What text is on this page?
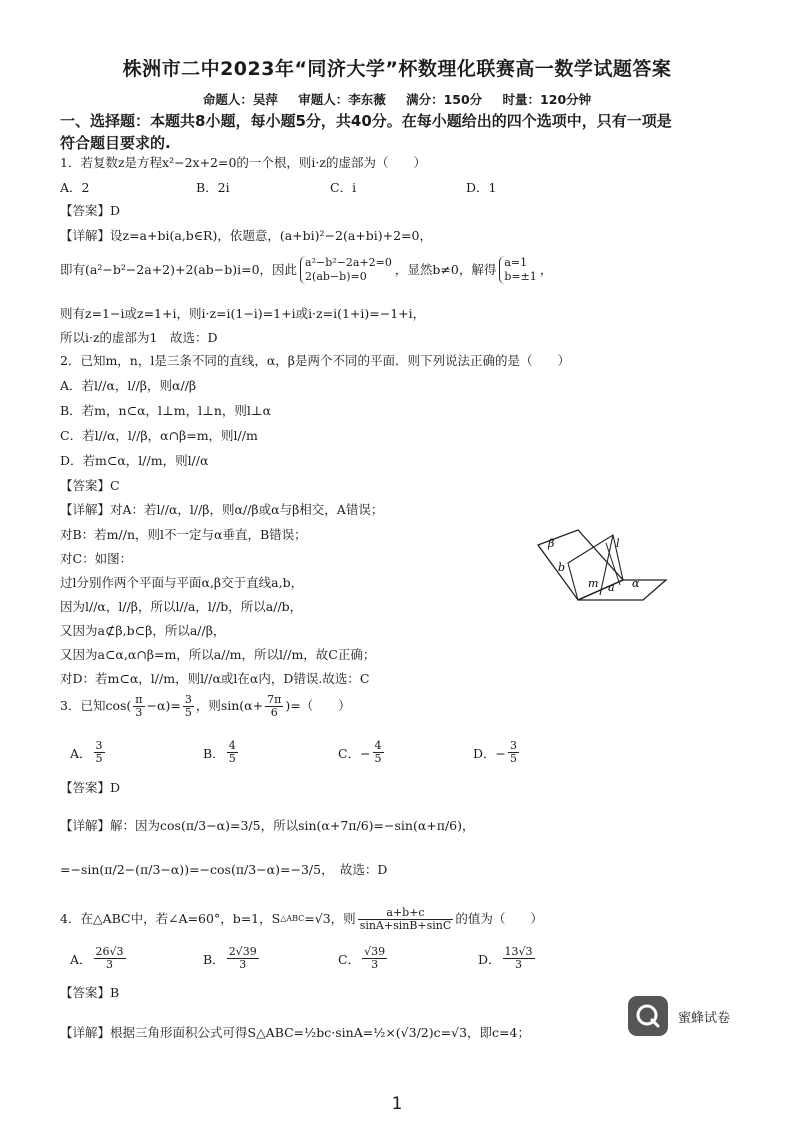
株洲市二中2023年“同济大学”杯数理化联赛高一数学试题答案
命题人：吴萍 审题人：李东薇 满分：150分 时量：120分钟
一、选择题：本题共8小题，每小题5分，共40分。在每小题给出的四个选项中，只有一项是
符合题目要求的.
1．若复数z是方程x²−2x+2=0的一个根，则i·z的虚部为（　　）
A．2	B．2i	C．i	D．1
【答案】D
【详解】设z=a+bi(a,b∈R)，依题意，(a+bi)²−2(a+bi)+2=0，
即有(a²−b²−2a+2)+2(ab−b)i=0，因此 a²−b²−2a+2=0
2(ab−b)=0	，显然b≠0，解得 a=1
b=±1 ，
则有z=1−i或z=1+i，则i·z=i(1−i)=1+i或i·z=i(1+i)=−1+i，
所以i·z的虚部为1　故选：D
2．已知m，n，l是三条不同的直线，α，β是两个不同的平面．则下列说法正确的是（　　）
A．若l//α，l//β，则α//β
B．若m，n⊂α，l⊥m，l⊥n，则l⊥α
C．若l//α，l//β，α∩β=m，则l//m
D．若m⊂α，l//m，则l//α
【答案】C
【详解】对A：若l//α，l//β，则α//β或α与β相交，A错误；
对B：若m//n，则l不一定与α垂直，B错误；
对C：如图：
过l分别作两个平面与平面α,β交于直线a,b，
因为l//α，l//β，所以l//a，l//b，所以a//b，
又因为a⊄β,b⊂β，所以a//β，
又因为a⊂α,α∩β=m，所以a//m，所以l//m，故C正确；
对D：若m⊂α，l//m，则l//α或l在α内，D错误.故选：C
β
b
m a α
l
3．已知cos ( $\frac{\pi}{3} -\alpha) = \frac{3}{5}$ ，则$\sin(\alpha+ \frac{7\pi}{6}$ )=（　　）
A． $\frac{3}{5}$	B． $\frac{4}{5}$	C．− $\frac{4}{5}$	D．− $\frac{3}{5}$
【答案】D
【详解】解：因为cos(π/3−α)=3/5，所以sin(α+7π/6)=−sin(α+π/6)，
=−sin(π/2−(π/3−α))=−cos(π/3−α)=−3/5，　故选：D
4．在△ABC中，若∠A=60°，b=1，S △ABC =√3，则 $\frac{a+b+c}{\sin A+\sin B+\sin C}$ 的值为（　　）
A． $\frac{26√3}{3}$	B． $\frac{2√39}{3}$	C． $\frac{√39}{3}$	D． $\frac{13√3}{3}$
【答案】B
【详解】根据三角形面积公式可得S△ABC=½bc·sinA=½×(√3/2)c=√3，即c=4；
蜜蜂试卷
1
